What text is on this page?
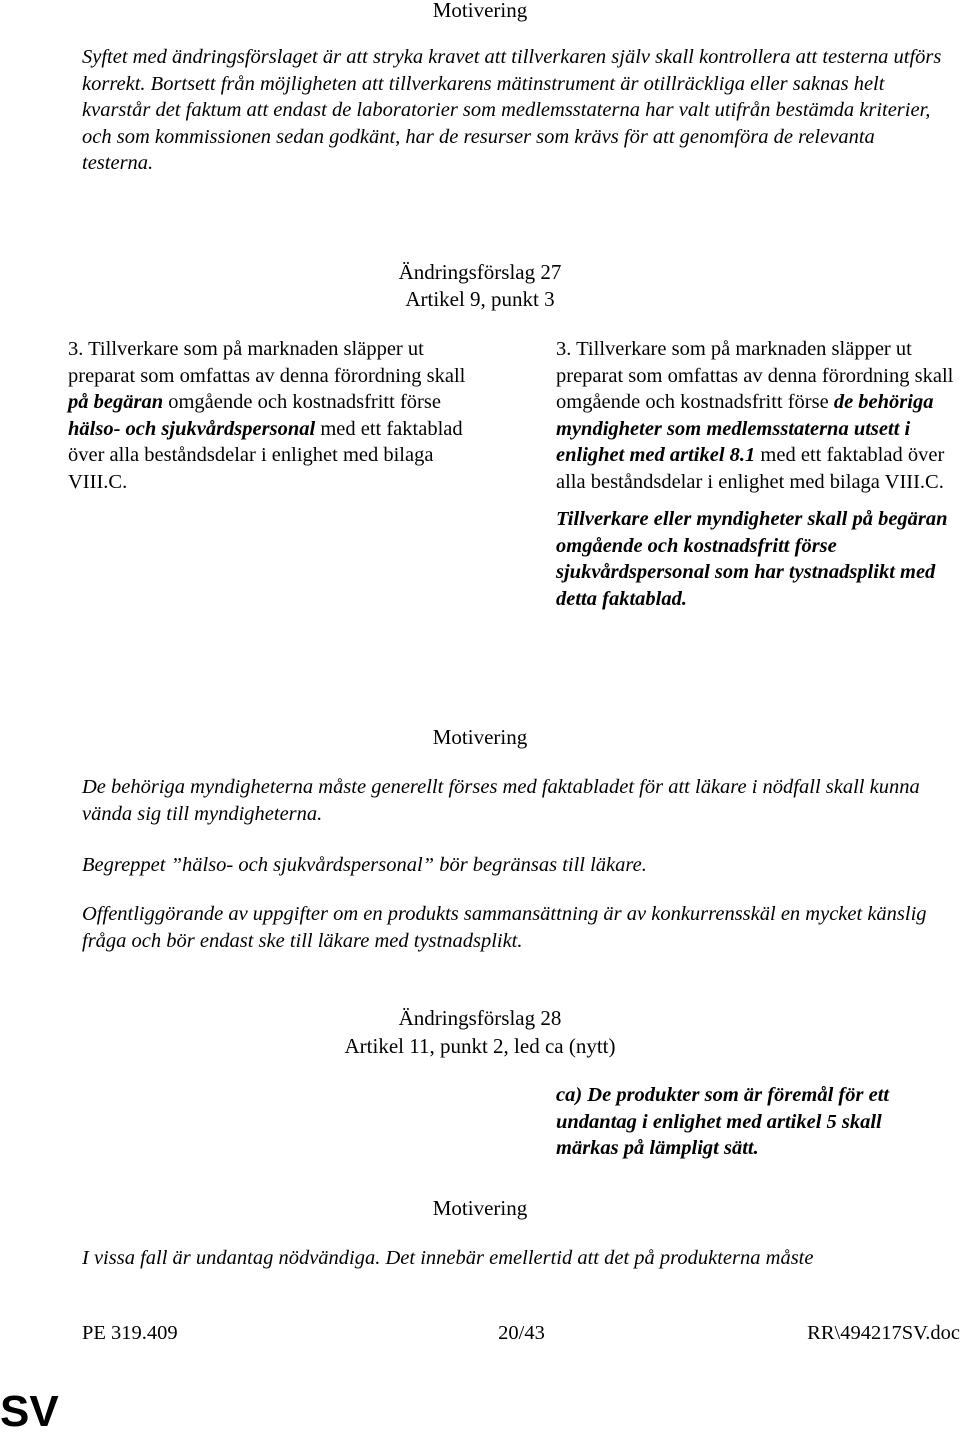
Motivering
Syftet med ändringsförslaget är att stryka kravet att tillverkaren själv skall kontrollera att testerna utförs korrekt. Bortsett från möjligheten att tillverkarens mätinstrument är otillräckliga eller saknas helt kvarstår det faktum att endast de laboratorier som medlemsstaterna har valt utifrån bestämda kriterier, och som kommissionen sedan godkänt, har de resurser som krävs för att genomföra de relevanta testerna.
Ändringsförslag 27
Artikel 9, punkt 3

3. Tillverkare som på marknaden släpper ut preparat som omfattas av denna förordning skall på begäran omgående och kostnadsfritt förse hälso- och sjukvårdspersonal med ett faktablad över alla beståndsdelar i enlighet med bilaga VIII.C.

3. Tillverkare som på marknaden släpper ut preparat som omfattas av denna förordning skall omgående och kostnadsfritt förse de behöriga myndigheter som medlemsstaterna utsett i enlighet med artikel 8.1 med ett faktablad över alla beståndsdelar i enlighet med bilaga VIII.C.

Tillverkare eller myndigheter skall på begäran omgående och kostnadsfritt förse sjukvårdspersonal som har tystnadsplikt med detta faktablad.

Motivering
De behöriga myndigheterna måste generellt förses med faktabladet för att läkare i nödfall skall kunna vända sig till myndigheterna.
Begreppet ”hälso- och sjukvårdspersonal” bör begränsas till läkare.
Offentliggörande av uppgifter om en produkts sammansättning är av konkurrensskäl en mycket känslig fråga och bör endast ske till läkare med tystnadsplikt.
Ändringsförslag 28
Artikel 11, punkt 2, led ca (nytt)
ca) De produkter som är föremål för ett undantag i enlighet med artikel 5 skall märkas på lämpligt sätt.
Motivering
I vissa fall är undantag nödvändiga. Det innebär emellertid att det på produkterna måste
PE 319.409	20/43	RR\494217SV.doc
SV
